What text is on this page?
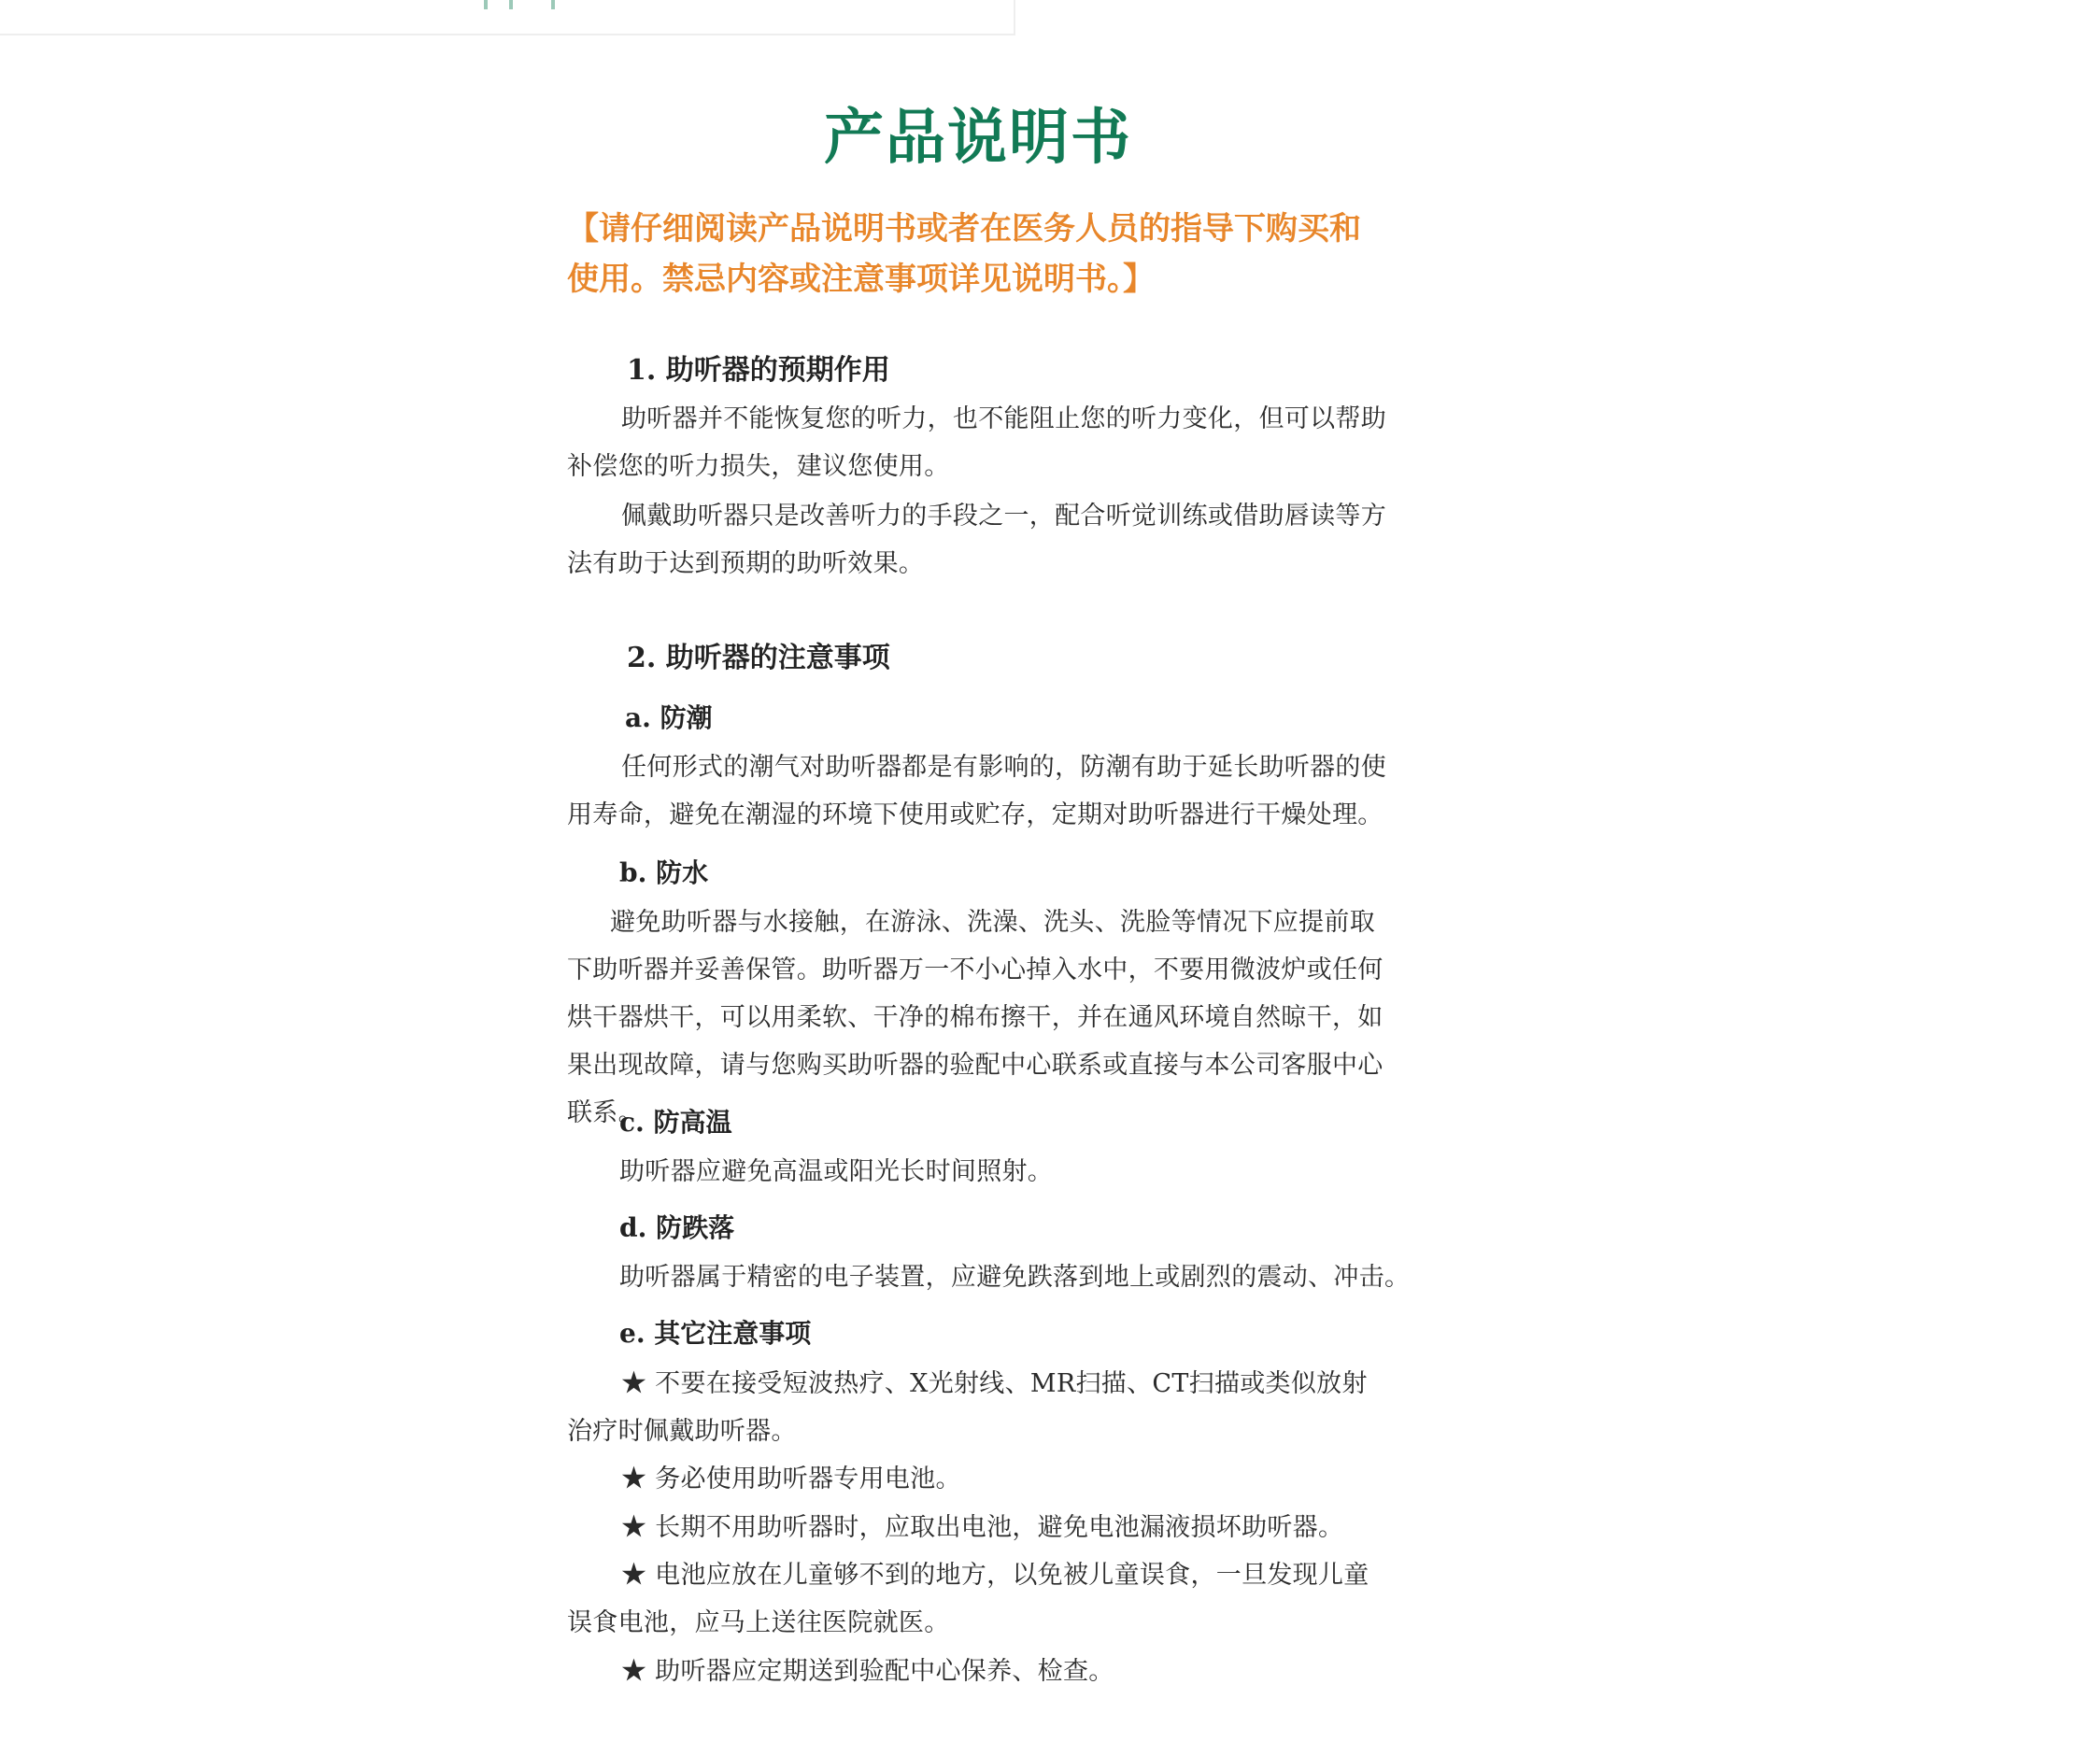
产品说明书

【请仔细阅读产品说明书或者在医务人员的指导下购买和使用。禁忌内容或注意事项详见说明书。】

1. 助听器的预期作用

助听器并不能恢复您的听力，也不能阻止您的听力变化，但可以帮助补偿您的听力损失，建议您使用。

佩戴助听器只是改善听力的手段之一，配合听觉训练或借助唇读等方法有助于达到预期的助听效果。

2. 助听器的注意事项
a. 防潮

任何形式的潮气对助听器都是有影响的，防潮有助于延长助听器的使用寿命，避免在潮湿的环境下使用或贮存，定期对助听器进行干燥处理。

b. 防水

避免助听器与水接触，在游泳、洗澡、洗头、洗脸等情况下应提前取下助听器并妥善保管。助听器万一不小心掉入水中，不要用微波炉或任何烘干器烘干，可以用柔软、干净的棉布擦干，并在通风环境自然晾干，如果出现故障，请与您购买助听器的验配中心联系或直接与本公司客服中心联系。

c. 防高温

助听器应避免高温或阳光长时间照射。

d. 防跌落

助听器属于精密的电子装置，应避免跌落到地上或剧烈的震动、冲击。

e. 其它注意事项

★ 不要在接受短波热疗、X光射线、MR扫描、CT扫描或类似放射治疗时佩戴助听器。

★ 务必使用助听器专用电池。

★ 长期不用助听器时，应取出电池，避免电池漏液损坏助听器。

★ 电池应放在儿童够不到的地方，以免被儿童误食，一旦发现儿童误食电池，应马上送往医院就医。

★ 助听器应定期送到验配中心保养、检查。
